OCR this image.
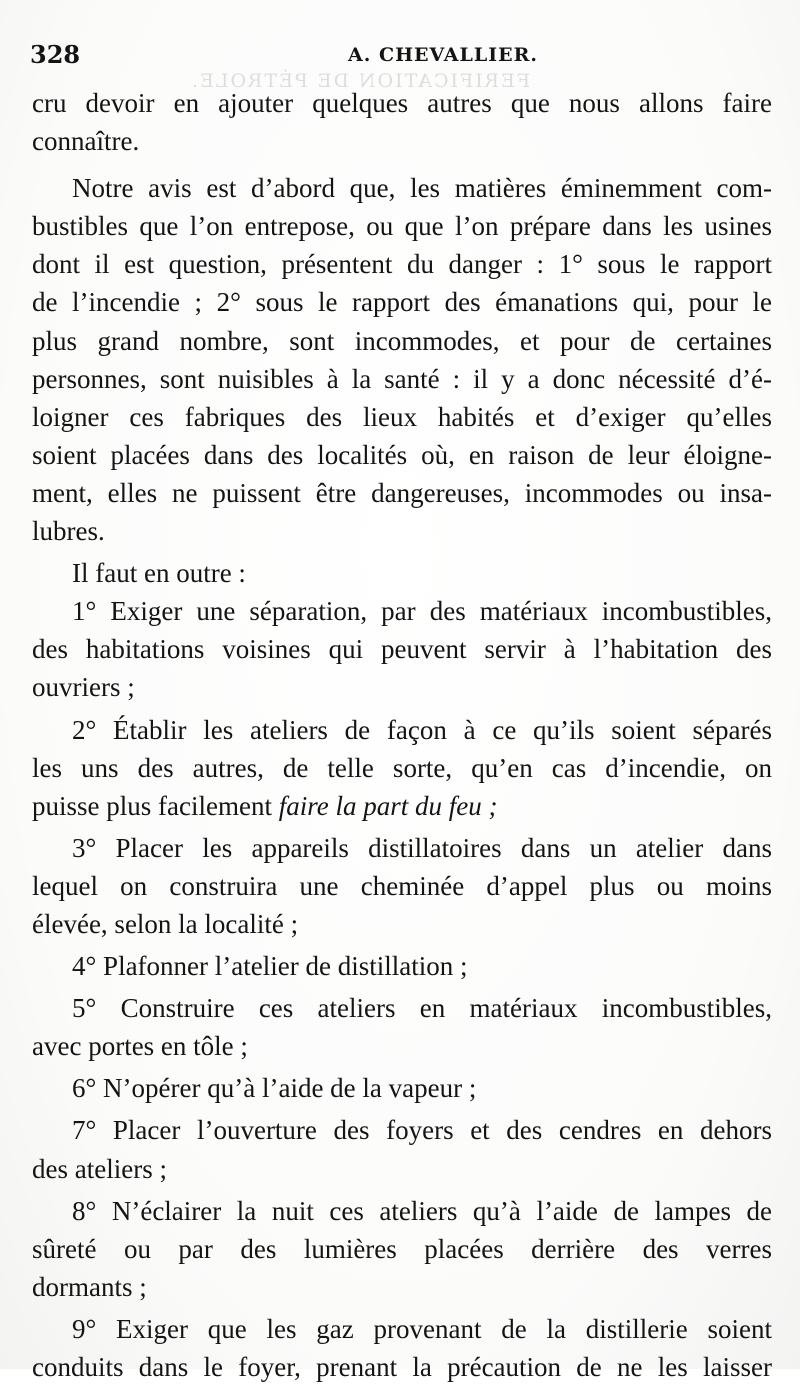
328	A. CHEVALLIER.
FERIFICATION DE PÉTROLE.
cru devoir en ajouter quelques autres que nous allons faire
connaître.
Notre avis est d’abord que, les matières éminemment com-
bustibles que l’on entrepose, ou que l’on prépare dans les usines
dont il est question, présentent du danger : 1° sous le rapport
de l’incendie ; 2° sous le rapport des émanations qui, pour le
plus grand nombre, sont incommodes, et pour de certaines
personnes, sont nuisibles à la santé : il y a donc nécessité d’é-
loigner ces fabriques des lieux habités et d’exiger qu’elles
soient placées dans des localités où, en raison de leur éloigne-
ment, elles ne puissent être dangereuses, incommodes ou insa-
lubres.
Il faut en outre :
1° Exiger une séparation, par des matériaux incombustibles,
des habitations voisines qui peuvent servir à l’habitation des
ouvriers ;
2° Établir les ateliers de façon à ce qu’ils soient séparés
les uns des autres, de telle sorte, qu’en cas d’incendie, on
puisse plus facilement faire la part du feu ;
3° Placer les appareils distillatoires dans un atelier dans
lequel on construira une cheminée d’appel plus ou moins
élevée, selon la localité ;
4° Plafonner l’atelier de distillation ;
5° Construire ces ateliers en matériaux incombustibles,
avec portes en tôle ;
6° N’opérer qu’à l’aide de la vapeur ;
7° Placer l’ouverture des foyers et des cendres en dehors
des ateliers ;
8° N’éclairer la nuit ces ateliers qu’à l’aide de lampes de
sûreté ou par des lumières placées derrière des verres
dormants ;
9° Exiger que les gaz provenant de la distillerie soient
conduits dans le foyer, prenant la précaution de ne les laisser
